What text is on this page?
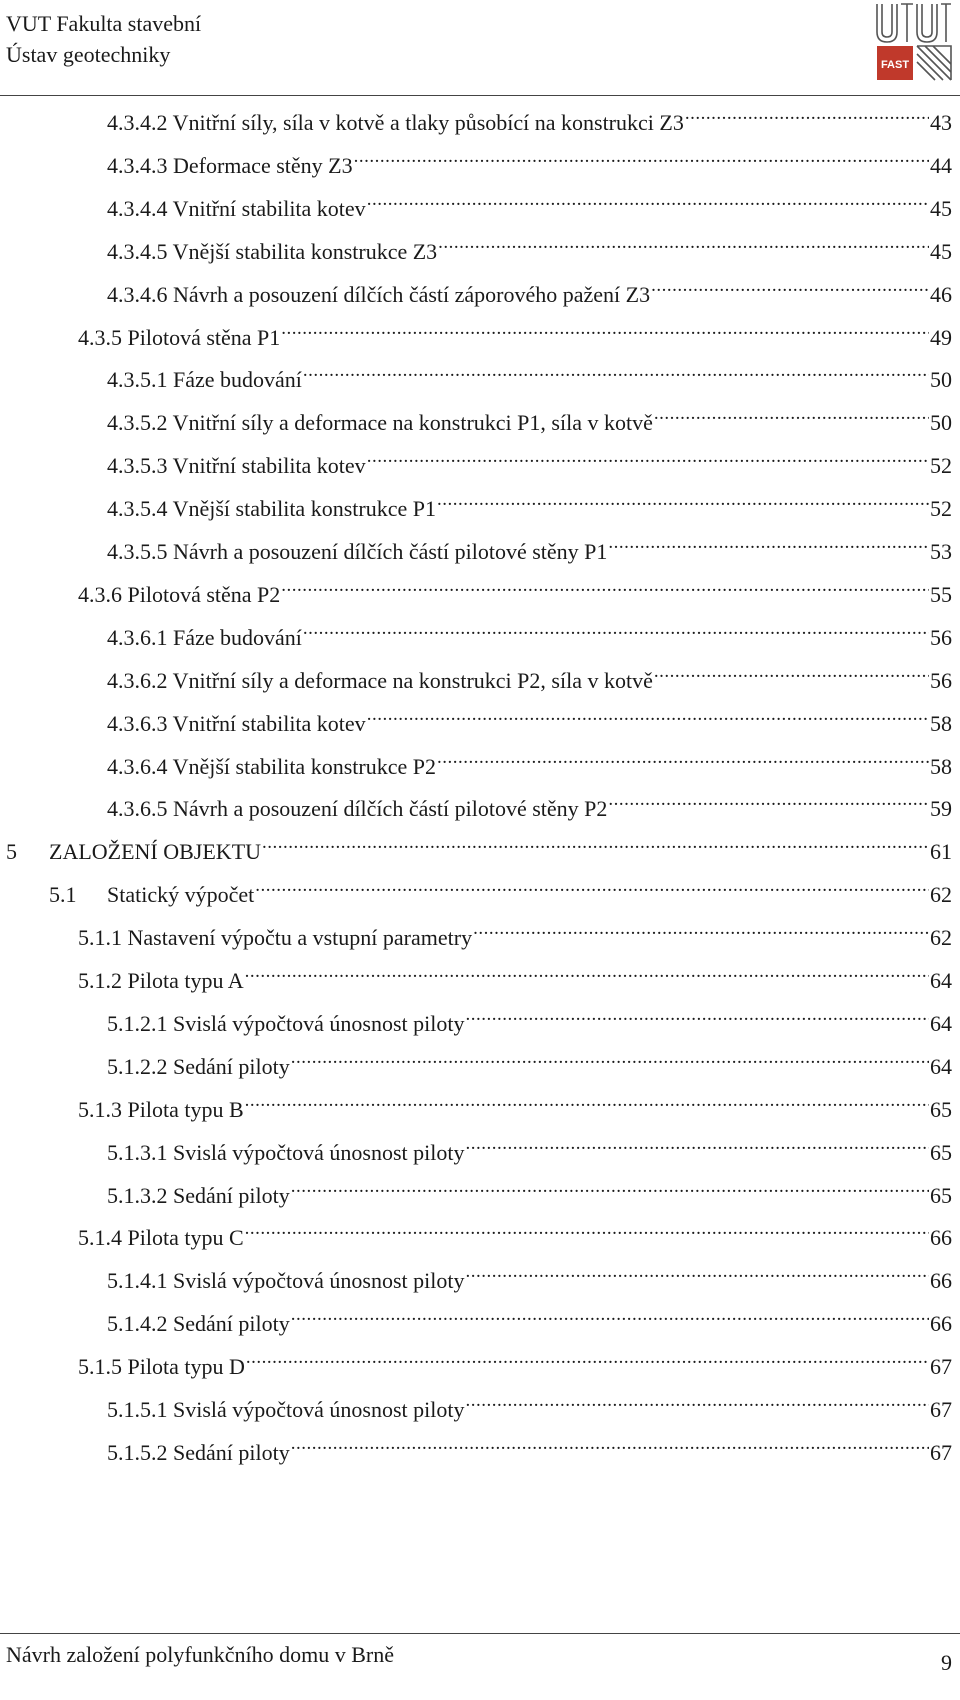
VUT Fakulta stavební
Ústav geotechniky	FAST
4.3.4.2 Vnitřní síly, síla v kotvě a tlaky působící na konstrukci Z3 .....	43
4.3.4.3 Deformace stěny Z3 .....	44
4.3.4.4 Vnitřní stabilita kotev .....	45
4.3.4.5 Vnější stabilita konstrukce Z3 .....	45
4.3.4.6 Návrh a posouzení dílčích částí záporového pažení Z3 .....	46
4.3.5 Pilotová stěna P1 .....	49
4.3.5.1 Fáze budování .....	50
4.3.5.2 Vnitřní síly a deformace na konstrukci P1, síla v kotvě .....	50
4.3.5.3 Vnitřní stabilita kotev .....	52
4.3.5.4 Vnější stabilita konstrukce P1 .....	52
4.3.5.5 Návrh a posouzení dílčích částí pilotové stěny P1 .....	53
4.3.6 Pilotová stěna P2 .....	55
4.3.6.1 Fáze budování .....	56
4.3.6.2 Vnitřní síly a deformace na konstrukci P2, síla v kotvě .....	56
4.3.6.3 Vnitřní stabilita kotev .....	58
4.3.6.4 Vnější stabilita konstrukce P2 .....	58
4.3.6.5 Návrh a posouzení dílčích částí pilotové stěny P2 .....	59
5	ZALOŽENÍ OBJEKTU .....	61
5.1	Statický výpočet .....	62
5.1.1 Nastavení výpočtu a vstupní parametry .....	62
5.1.2 Pilota typu A .....	64
5.1.2.1 Svislá výpočtová únosnost piloty .....	64
5.1.2.2 Sedání piloty .....	64
5.1.3 Pilota typu B .....	65
5.1.3.1 Svislá výpočtová únosnost piloty .....	65
5.1.3.2 Sedání piloty .....	65
5.1.4 Pilota typu C .....	66
5.1.4.1 Svislá výpočtová únosnost piloty .....	66
5.1.4.2 Sedání piloty .....	66
5.1.5 Pilota typu D .....	67
5.1.5.1 Svislá výpočtová únosnost piloty .....	67
5.1.5.2 Sedání piloty .....	67
Návrh založení polyfunkčního domu v Brně	9
